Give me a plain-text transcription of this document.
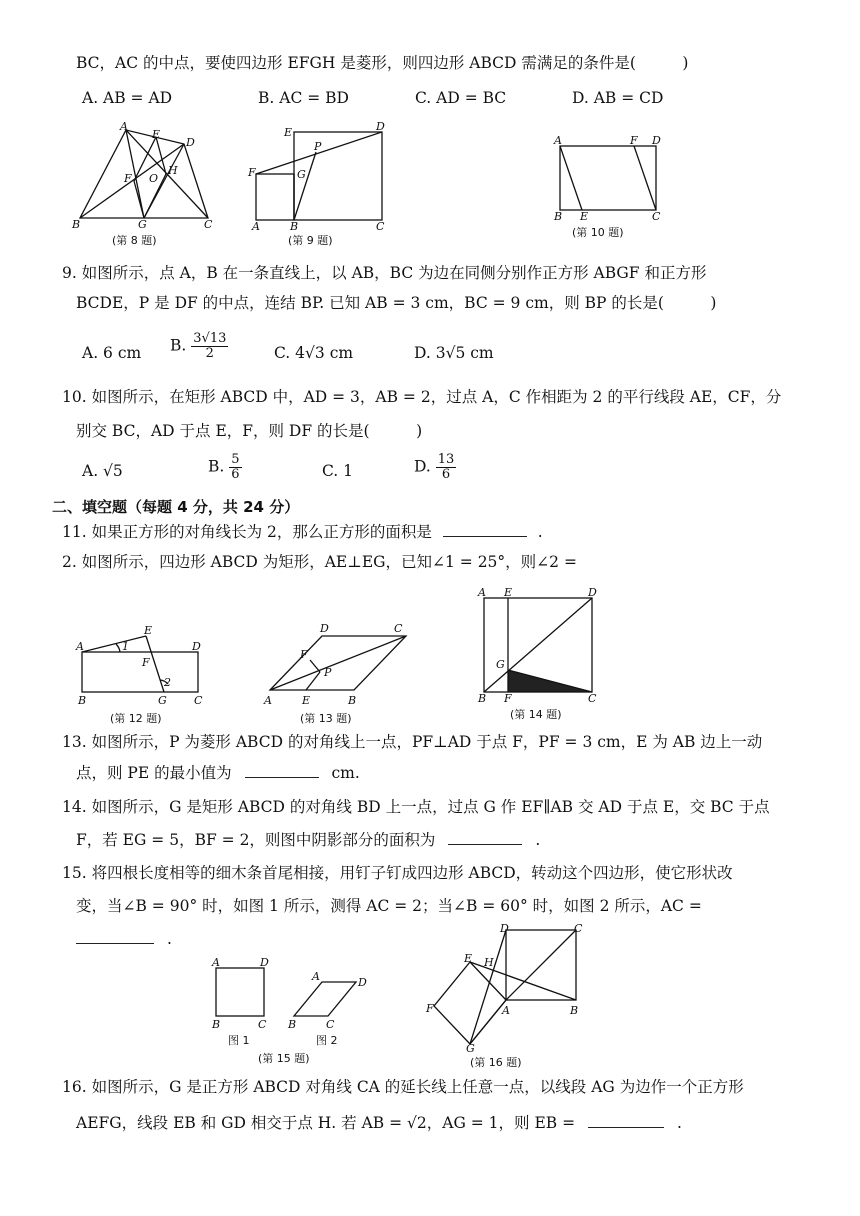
BC，AC 的中点，要使四边形 EFGH 是菱形，则四边形 ABCD 需满足的条件是(　　　)
A. AB = AD	B. AC = BD	C. AD = BC	D. AB = CD
A
E
D
F O
H
B	G	C
(第 8 题)
E	D
P
F	G
A	B	C
(第 9 题)
A	F D
B E	C
(第 10 题)
9. 如图所示，点 A，B 在一条直线上，以 AB，BC 为边在同侧分别作正方形 ABGF 和正方形
BCDE，P 是 DF 的中点，连结 BP. 已知 AB = 3 cm，BC = 9 cm，则 BP 的长是(　　　)
A. 6 cm B. $\frac{3√13}{2}$	C. 4√3 cm	D. 3√5 cm
10. 如图所示，在矩形 ABCD 中，AD = 3，AB = 2，过点 A，C 作相距为 2 的平行线段 AE，CF，分
别交 BC，AD 于点 E，F，则 DF 的长是(　　　)
A. √5	B. $\frac{5}{6}$	C. 1	D. $\frac{13}{6}$
二、填空题（每题 4 分，共 24 分）
11. 如果正方形的对角线长为 2，那么正方形的面积是	.
2. 如图所示，四边形 ABCD 为矩形，AE⊥EG，已知∠1 = 25°，则∠2 =
A
E
D
1
F
2
B	G C
(第 12 题)
D	C
F
P
A	E	B
(第 13 题)
A E	D
G
B F	C
(第 14 题)
13. 如图所示，P 为菱形 ABCD 的对角线上一点，PF⊥AD 于点 F，PF = 3 cm，E 为 AB 边上一动
点，则 PE 的最小值为	cm.
14. 如图所示，G 是矩形 ABCD 的对角线 BD 上一点，过点 G 作 EF∥AB 交 AD 于点 E，交 BC 于点
F，若 EG = 5，BF = 2，则图中阴影部分的面积为	.
15. 将四根长度相等的细木条首尾相接，用钉子钉成四边形 ABCD，转动这个四边形，使它形状改
变，当∠B = 90° 时，如图 1 所示，测得 AC = 2；当∠B = 60° 时，如图 2 所示，AC =
.
A	D
B	C
A	D
B	C
图 1	图 2
(第 15 题)
D	C
E H
F	A	B
G
(第 16 题)
16. 如图所示，G 是正方形 ABCD 对角线 CA 的延长线上任意一点，以线段 AG 为边作一个正方形
AEFG，线段 EB 和 GD 相交于点 H. 若 AB = √2，AG = 1，则 EB =	.
